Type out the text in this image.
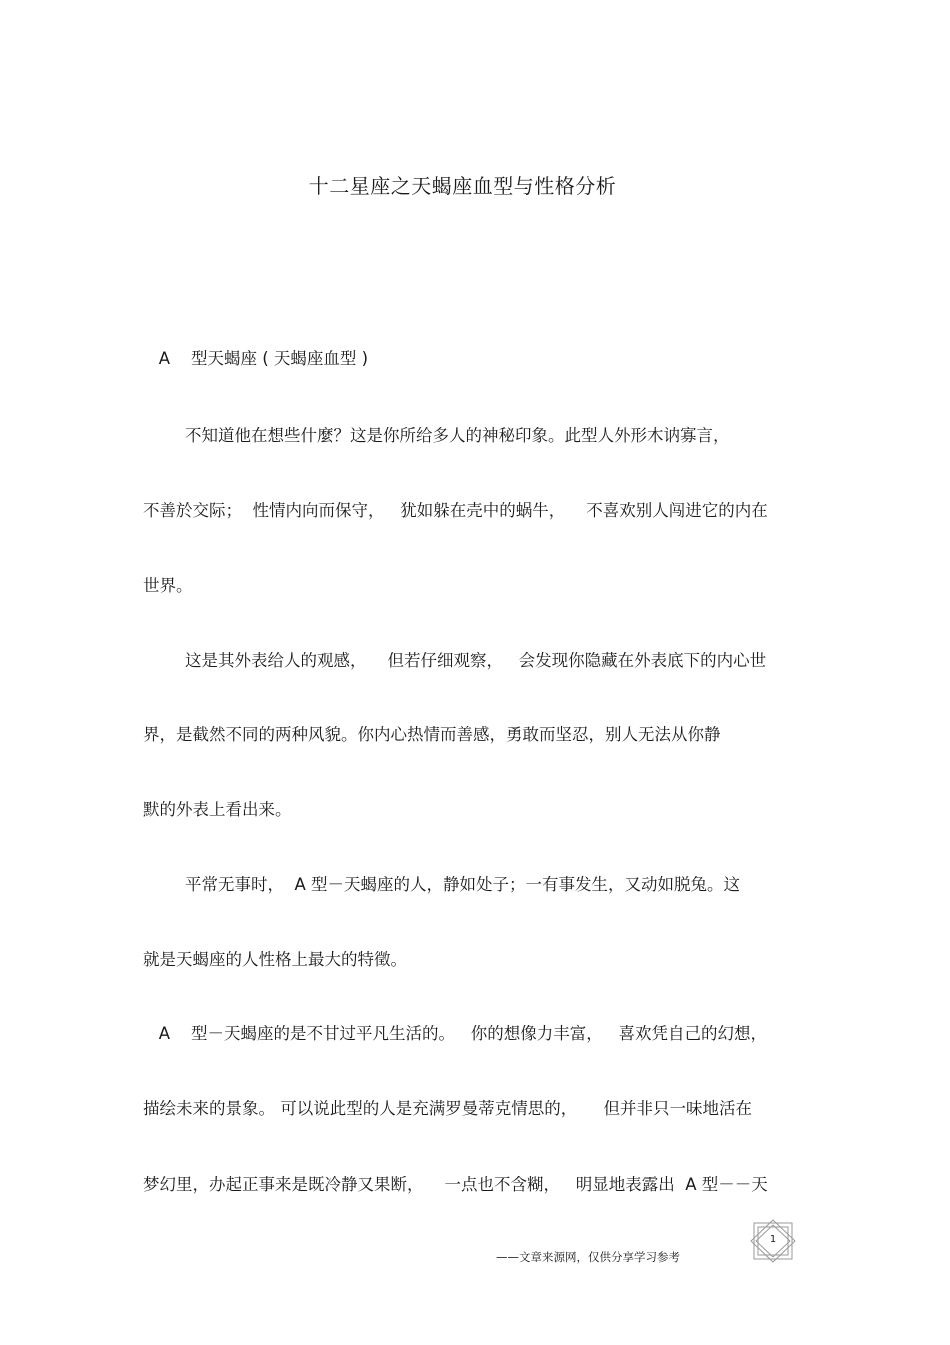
十二星座之天蝎座血型与性格分析
A    型天蝎座 ( 天蝎座血型 )
不知道他在想些什麼？这是你所给多人的神秘印象。此型人外形木讷寡言，
不善於交际；  性情内向而保守，   犹如躲在壳中的蜗牛，    不喜欢别人闯进它的内在
世界。
这是其外表给人的观感，    但若仔细观察，   会发现你隐藏在外表底下的内心世
界，是截然不同的两种风貌。你内心热情而善感，勇敢而坚忍，别人无法从你静
默的外表上看出来。
平常无事时，  A 型－天蝎座的人，静如处子；一有事发生，又动如脱兔。这
就是天蝎座的人性格上最大的特徵。
A    型－天蝎座的是不甘过平凡生活的。   你的想像力丰富，   喜欢凭自己的幻想，
描绘未来的景象。 可以说此型的人是充满罗曼蒂克情思的，     但并非只一味地活在
梦幻里，办起正事来是既冷静又果断，    一点也不含糊，   明显地表露出  A 型－－天
——文章来源网，仅供分享学习参考
1
